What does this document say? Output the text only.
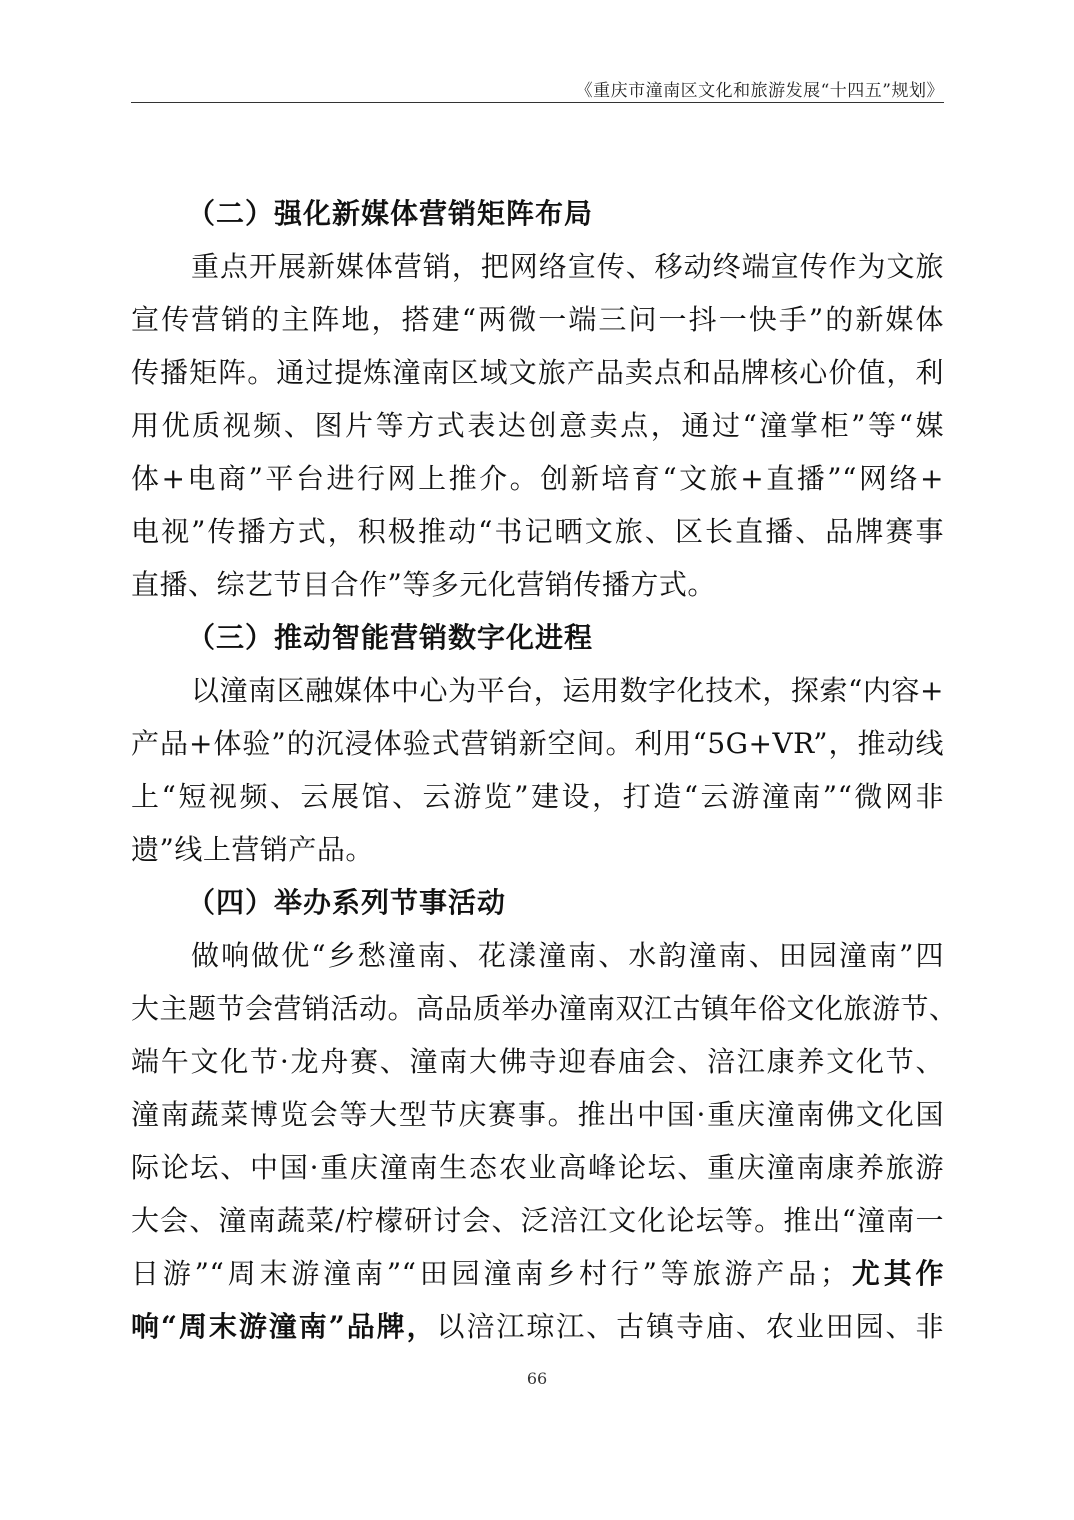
《重庆市潼南区文化和旅游发展“十四五”规划》
（二）强化新媒体营销矩阵布局
重点开展新媒体营销，把网络宣传、移动终端宣传作为文旅
宣传营销的主阵地，搭建“两微一端三问一抖一快手”的新媒体
传播矩阵。通过提炼潼南区域文旅产品卖点和品牌核心价值，利
用优质视频、图片等方式表达创意卖点，通过“潼掌柜”等“媒
体+电商”平台进行网上推介。创新培育“文旅+直播”“网络+
电视”传播方式，积极推动“书记晒文旅、区长直播、品牌赛事
直播、综艺节目合作”等多元化营销传播方式。
（三）推动智能营销数字化进程
以潼南区融媒体中心为平台，运用数字化技术，探索“内容+
产品+体验”的沉浸体验式营销新空间。利用“5G+VR”，推动线
上“短视频、云展馆、云游览”建设，打造“云游潼南”“微网非
遗”线上营销产品。
（四）举办系列节事活动
做响做优“乡愁潼南、花漾潼南、水韵潼南、田园潼南”四
大主题节会营销活动。高品质举办潼南双江古镇年俗文化旅游节、
端午文化节·龙舟赛、潼南大佛寺迎春庙会、涪江康养文化节、
潼南蔬菜博览会等大型节庆赛事。推出中国·重庆潼南佛文化国
际论坛、中国·重庆潼南生态农业高峰论坛、重庆潼南康养旅游
大会、潼南蔬菜/柠檬研讨会、泛涪江文化论坛等。推出“潼南一
日游”“周末游潼南”“田园潼南乡村行”等旅游产品；尤其作
响“周末游潼南”品牌，以涪江琼江、古镇寺庙、农业田园、非
66
